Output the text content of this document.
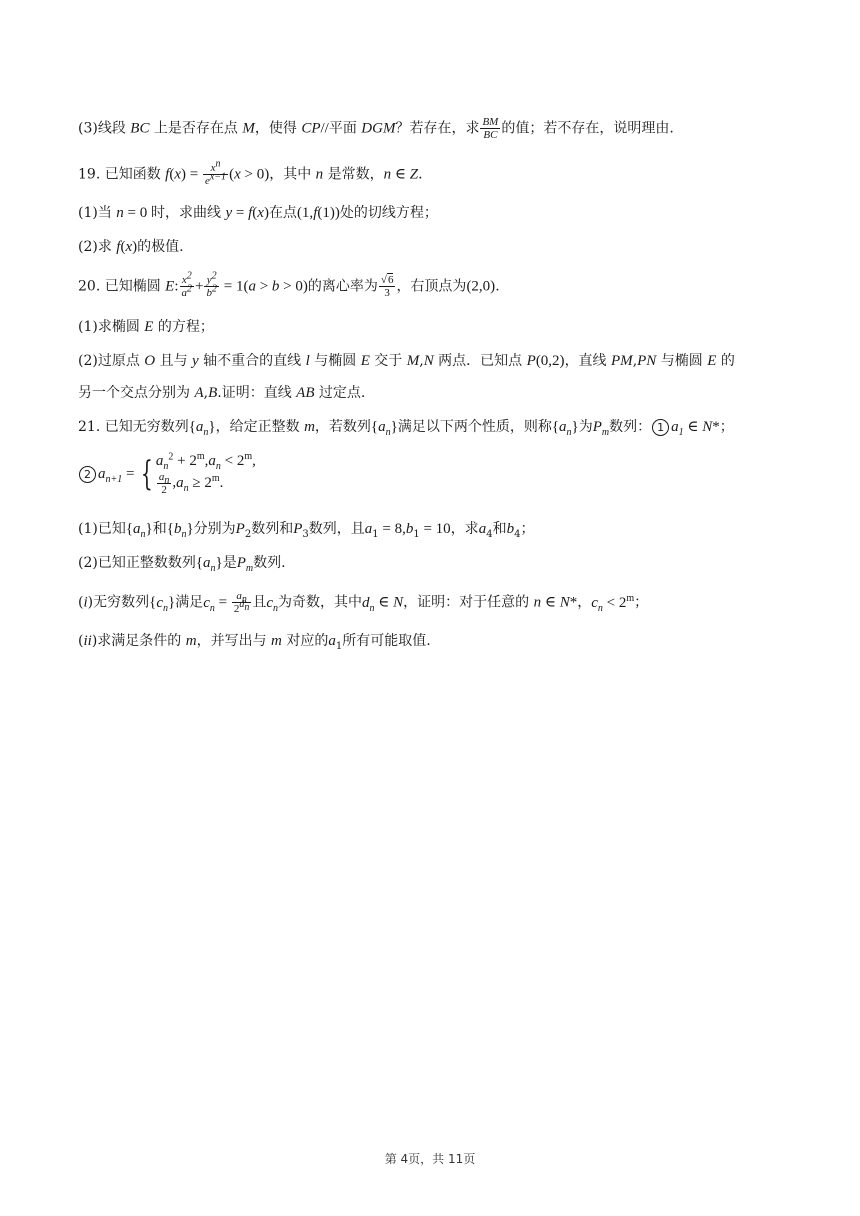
(3)线段 BC 上是否存在点 M，使得 CP//平面 DGM？若存在，求 $\frac{BM}{BC}$ 的值；若不存在，说明理由.
19. 已知函数 $f(x) = \frac{x^n}{e^{x-1}} (x > 0)$，其中 n 是常数，n ∈ Z.
(1)当 n = 0 时，求曲线 y = f(x)在点(1,f(1))处的切线方程；
(2)求 f(x)的极值.
20. 已知椭圆 E: $\frac{x^2}{a^2} + \frac{y^2}{b^2} = 1(a > b > 0)$的离心率为 $\frac{√6}{3}$ ，右顶点为(2,0).
(1)求椭圆 E 的方程；
(2)过原点 O 且与 y 轴不重合的直线 l 与椭圆 E 交于 M,N 两点．已知点 P(0,2)，直线 PM,PN 与椭圆 E 的
另一个交点分别为 A,B.证明：直线 AB 过定点.
21. 已知无穷数列$\{a_n\}$，给定正整数 m，若数列$\{a_n\}$满足以下两个性质，则称$\{a_n\}$为$P_m$数列： 1 $a_1$ ∈ N*；
2 $a_{n+1}$ = { $a_n^2 + 2^m,a_n < 2^m$,
$\frac{a_n}{2} ,a_n \ge 2^m$.
(1)已知$\{a_n\}$和$\{b_n\}$分别为$P_2$数列和$P_3$数列，且$a_1 = 8,b_1 = 10$，求$a_4$和$b_4$；
(2)已知正整数数列$\{a_n\}$是$P_m$数列.
(i)无穷数列$\{c_n\}$满足$c_n = \frac{a_n}{2^{d_n}}$ 且$c_n$为奇数，其中$d_n$ ∈ N，证明：对于任意的 n ∈ N*，$c_n < 2^m$；
(ii)求满足条件的 m，并写出与 m 对应的$a_1$所有可能取值.
第 4页，共 11页
